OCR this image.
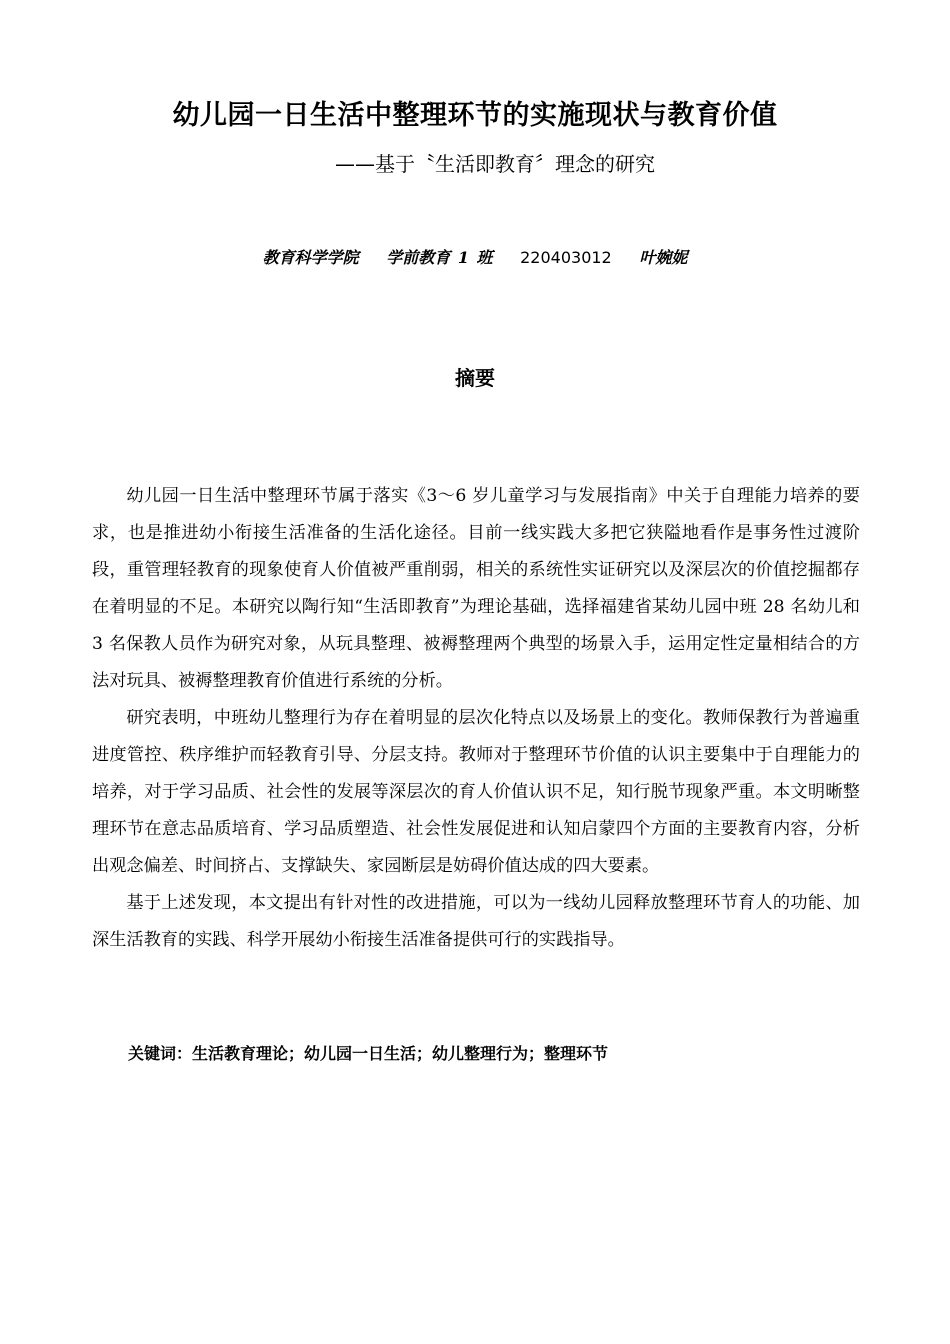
幼儿园一日生活中整理环节的实施现状与教育价值
——基于〝生活即教育〞理念的研究
教育科学学院 学前教育 1 班 220403012 叶婉妮
摘要

幼儿园一日生活中整理环节属于落实《3～6 岁儿童学习与发展指南》中关于自理能力培养的要求，也是推进幼小衔接生活准备的生活化途径。目前一线实践大多把它狭隘地看作是事务性过渡阶段，重管理轻教育的现象使育人价值被严重削弱，相关的系统性实证研究以及深层次的价值挖掘都存在着明显的不足。本研究以陶行知“生活即教育”为理论基础，选择福建省某幼儿园中班 28 名幼儿和 3 名保教人员作为研究对象，从玩具整理、被褥整理两个典型的场景入手，运用定性定量相结合的方法对玩具、被褥整理教育价值进行系统的分析。

研究表明，中班幼儿整理行为存在着明显的层次化特点以及场景上的变化。教师保教行为普遍重进度管控、秩序维护而轻教育引导、分层支持。教师对于整理环节价值的认识主要集中于自理能力的培养，对于学习品质、社会性的发展等深层次的育人价值认识不足，知行脱节现象严重。本文明晰整理环节在意志品质培育、学习品质塑造、社会性发展促进和认知启蒙四个方面的主要教育内容，分析出观念偏差、时间挤占、支撑缺失、家园断层是妨碍价值达成的四大要素。

基于上述发现，本文提出有针对性的改进措施，可以为一线幼儿园释放整理环节育人的功能、加深生活教育的实践、科学开展幼小衔接生活准备提供可行的实践指导。

关键词：生活教育理论；幼儿园一日生活；幼儿整理行为；整理环节
